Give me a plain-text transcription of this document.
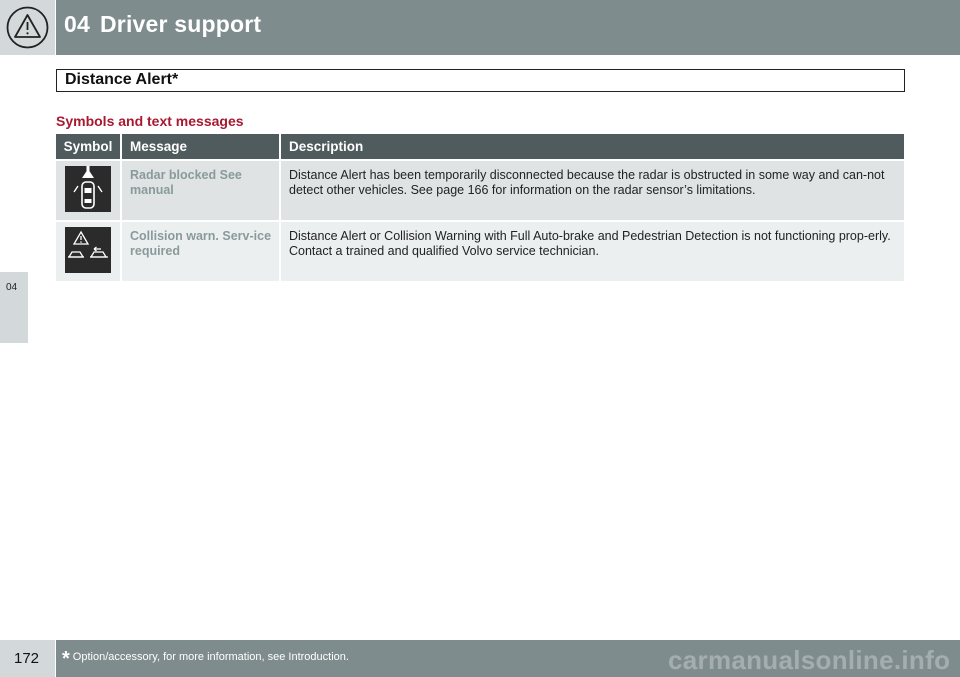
04 Driver support
Distance Alert*
04
Symbols and text messages
Symbol	Message	Description
	Radar blocked See manual	Distance Alert has been temporarily disconnected because the radar is obstructed in some way and can-not detect other vehicles. See page 166 for information on the radar sensor’s limitations.
	Collision warn. Serv-ice required	Distance Alert or Collision Warning with Full Auto-brake and Pedestrian Detection is not functioning prop-erly. Contact a trained and qualified Volvo service technician.
172 * Option/accessory, for more information, see Introduction.	carmanualsonline.info
